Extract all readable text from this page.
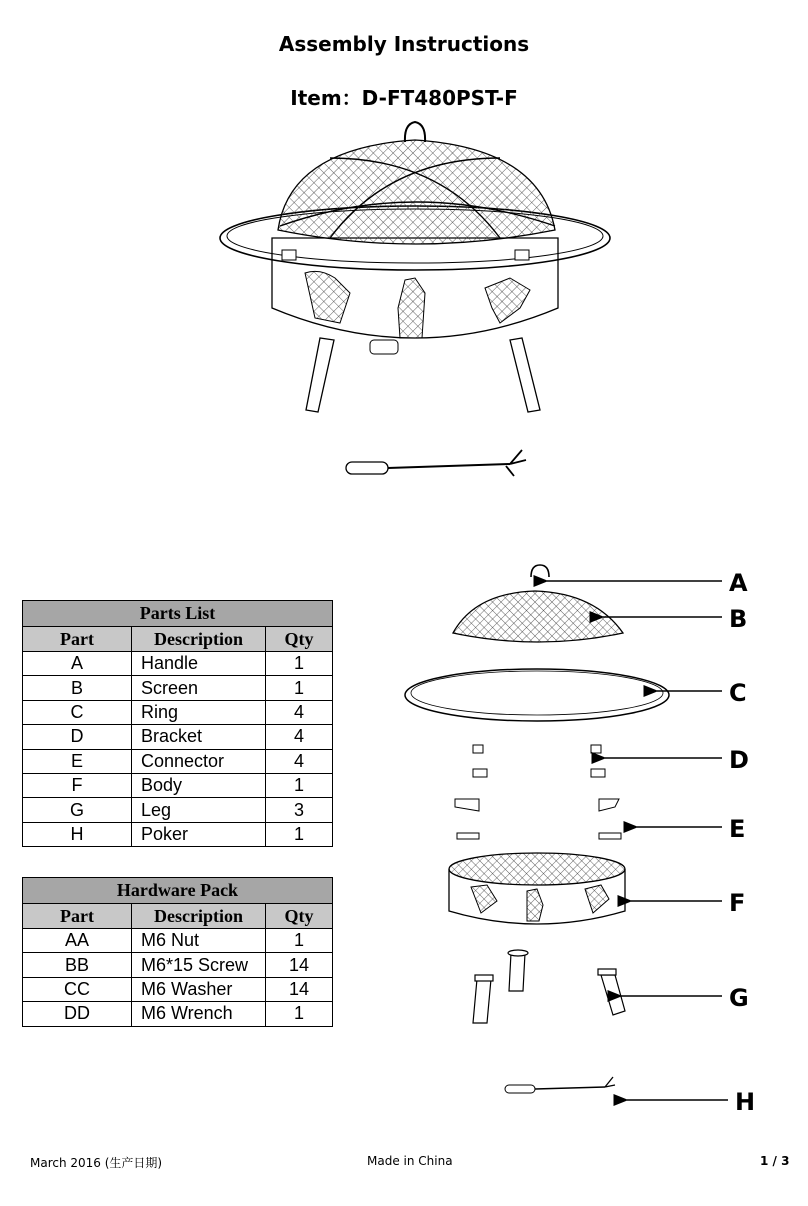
Assembly Instructions
Item：D-FT480PST-F
Parts List		
Part	Description	Qty
A	Handle	1
B	Screen	1
C	Ring	4
D	Bracket	4
E	Connector	4
F	Body	1
G	Leg	3
H	Poker	1
Hardware Pack		
Part	Description	Qty
AA	M6 Nut	1
BB	M6*15 Screw	14
CC	M6 Washer	14
DD	M6 Wrench	1
A
B
C
D
E
F
G
H
March 2016 (生产日期)	Made in China	1 / 3
